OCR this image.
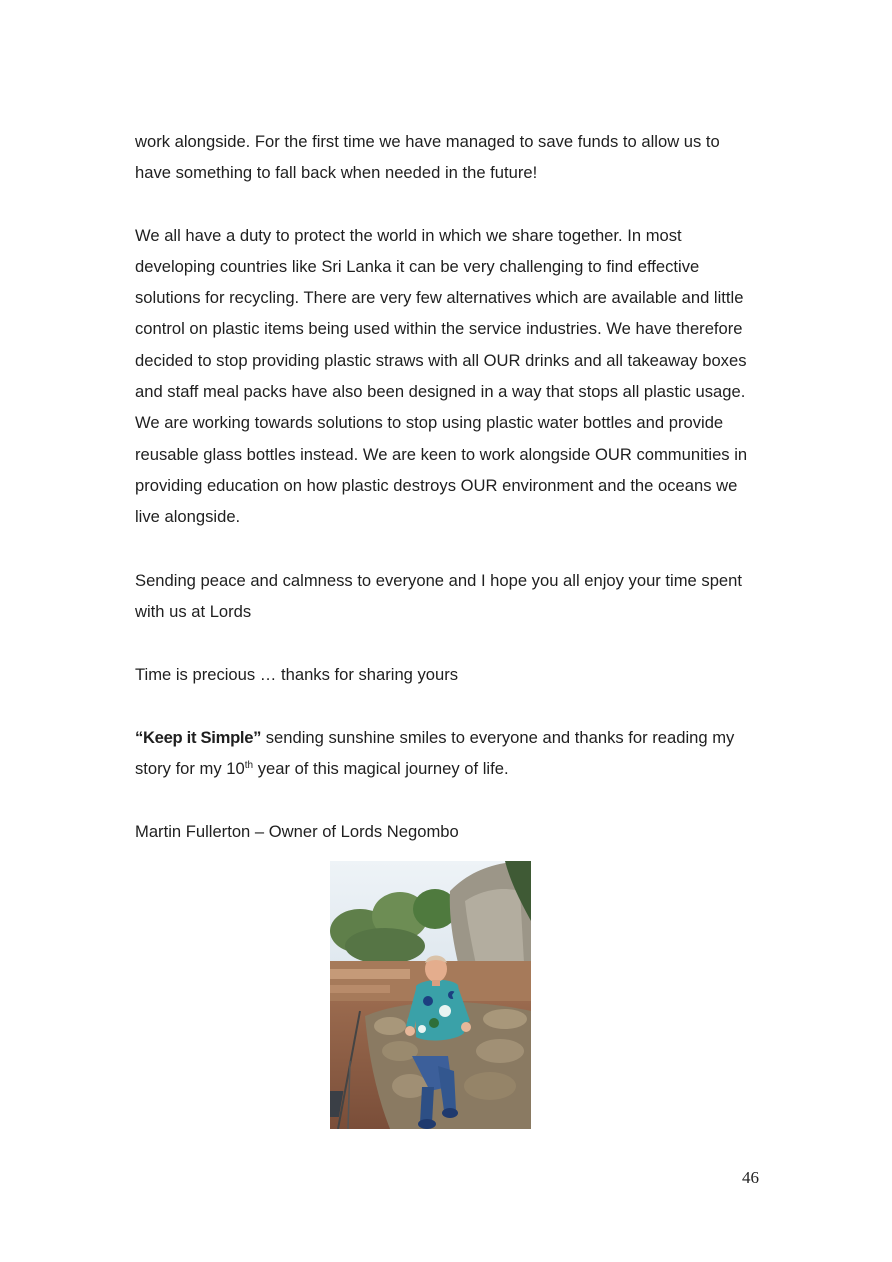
work alongside. For the first time we have managed to save funds to allow us to have something to fall back when needed in the future!

We all have a duty to protect the world in which we share together. In most developing countries like Sri Lanka it can be very challenging to find effective solutions for recycling. There are very few alternatives which are available and little control on plastic items being used within the service industries. We have therefore decided to stop providing plastic straws with all OUR drinks and all takeaway boxes and staff meal packs have also been designed in a way that stops all plastic usage. We are working towards solutions to stop using plastic water bottles and provide reusable glass bottles instead. We are keen to work alongside OUR communities in providing education on how plastic destroys OUR environment and the oceans we live alongside.

Sending peace and calmness to everyone and I hope you all enjoy your time spent with us at Lords

Time is precious … thanks for sharing yours

“Keep it Simple” sending sunshine smiles to everyone and thanks for reading my story for my 10th year of this magical journey of life.

Martin Fullerton – Owner of Lords Negombo

46
